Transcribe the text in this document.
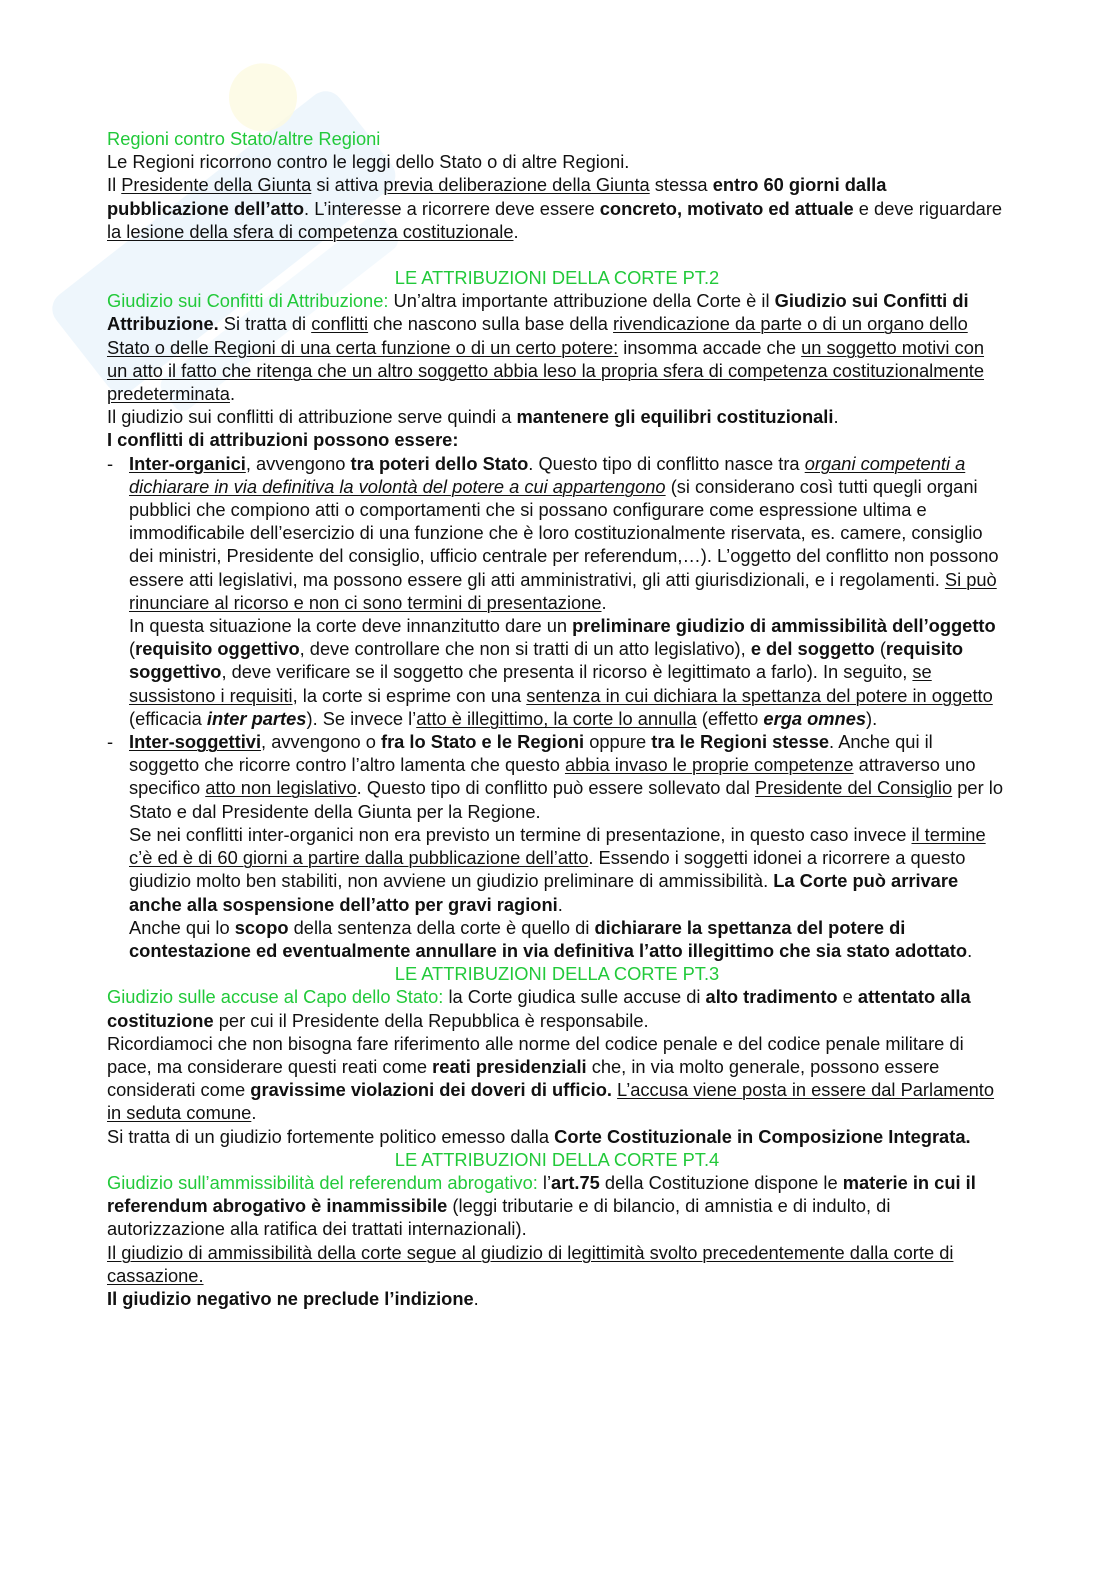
Regioni contro Stato/altre Regioni
Le Regioni ricorrono contro le leggi dello Stato o di altre Regioni.
Il Presidente della Giunta si attiva previa deliberazione della Giunta stessa entro 60 giorni dalla pubblicazione dell’atto. L’interesse a ricorrere deve essere concreto, motivato ed attuale e deve riguardare la lesione della sfera di competenza costituzionale.
LE ATTRIBUZIONI DELLA CORTE PT.2
Giudizio sui Confitti di Attribuzione: Un’altra importante attribuzione della Corte è il Giudizio sui Confitti di Attribuzione. Si tratta di conflitti che nascono sulla base della rivendicazione da parte o di un organo dello Stato o delle Regioni di una certa funzione o di un certo potere: insomma accade che un soggetto motivi con un atto il fatto che ritenga che un altro soggetto abbia leso la propria sfera di competenza costituzionalmente predeterminata.
Il giudizio sui conflitti di attribuzione serve quindi a mantenere gli equilibri costituzionali.
I conflitti di attribuzioni possono essere:
- Inter-organici, avvengono tra poteri dello Stato. Questo tipo di conflitto nasce tra organi competenti a dichiarare in via definitiva la volontà del potere a cui appartengono (si considerano così tutti quegli organi pubblici che compiono atti o comportamenti che si possano configurare come espressione ultima e immodificabile dell’esercizio di una funzione che è loro costituzionalmente riservata, es. camere, consiglio dei ministri, Presidente del consiglio, ufficio centrale per referendum,…). L’oggetto del conflitto non possono essere atti legislativi, ma possono essere gli atti amministrativi, gli atti giurisdizionali, e i regolamenti. Si può rinunciare al ricorso e non ci sono termini di presentazione.
In questa situazione la corte deve innanzitutto dare un preliminare giudizio di ammissibilità dell’oggetto (requisito oggettivo, deve controllare che non si tratti di un atto legislativo), e del soggetto (requisito soggettivo, deve verificare se il soggetto che presenta il ricorso è legittimato a farlo). In seguito, se sussistono i requisiti, la corte si esprime con una sentenza in cui dichiara la spettanza del potere in oggetto (efficacia inter partes). Se invece l’atto è illegittimo, la corte lo annulla (effetto erga omnes).
- Inter-soggettivi, avvengono o fra lo Stato e le Regioni oppure tra le Regioni stesse. Anche qui il soggetto che ricorre contro l’altro lamenta che questo abbia invaso le proprie competenze attraverso uno specifico atto non legislativo. Questo tipo di conflitto può essere sollevato dal Presidente del Consiglio per lo Stato e dal Presidente della Giunta per la Regione.
Se nei conflitti inter-organici non era previsto un termine di presentazione, in questo caso invece il termine c’è ed è di 60 giorni a partire dalla pubblicazione dell’atto. Essendo i soggetti idonei a ricorrere a questo giudizio molto ben stabiliti, non avviene un giudizio preliminare di ammissibilità. La Corte può arrivare anche alla sospensione dell’atto per gravi ragioni.
Anche qui lo scopo della sentenza della corte è quello di dichiarare la spettanza del potere di contestazione ed eventualmente annullare in via definitiva l’atto illegittimo che sia stato adottato.
LE ATTRIBUZIONI DELLA CORTE PT.3
Giudizio sulle accuse al Capo dello Stato: la Corte giudica sulle accuse di alto tradimento e attentato alla costituzione per cui il Presidente della Repubblica è responsabile.
Ricordiamoci che non bisogna fare riferimento alle norme del codice penale e del codice penale militare di pace, ma considerare questi reati come reati presidenziali che, in via molto generale, possono essere considerati come gravissime violazioni dei doveri di ufficio. L’accusa viene posta in essere dal Parlamento in seduta comune.
Si tratta di un giudizio fortemente politico emesso dalla Corte Costituzionale in Composizione Integrata.
LE ATTRIBUZIONI DELLA CORTE PT.4
Giudizio sull’ammissibilità del referendum abrogativo: l’art.75 della Costituzione dispone le materie in cui il referendum abrogativo è inammissibile (leggi tributarie e di bilancio, di amnistia e di indulto, di autorizzazione alla ratifica dei trattati internazionali).
Il giudizio di ammissibilità della corte segue al giudizio di legittimità svolto precedentemente dalla corte di cassazione.
Il giudizio negativo ne preclude l’indizione.
